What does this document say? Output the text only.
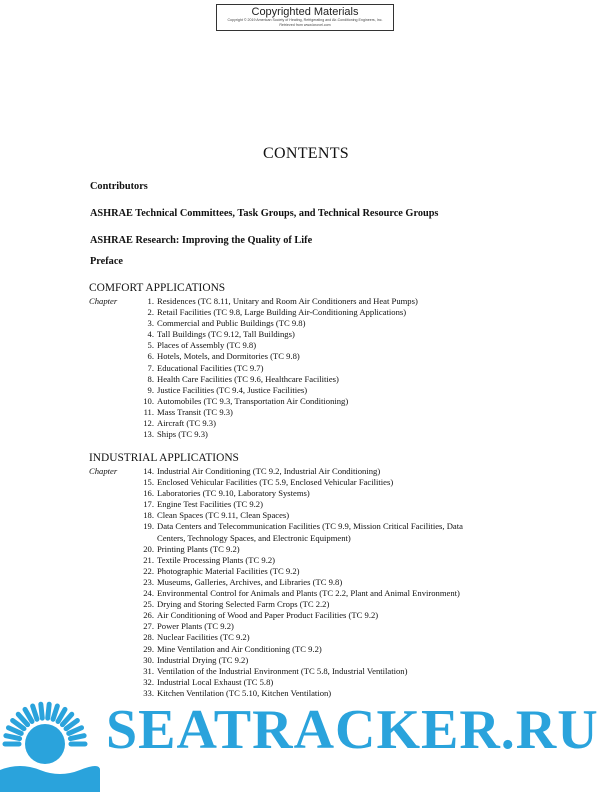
Copyrighted Materials
Copyright © 2019 American Society of Heating, Refrigerating and Air-Conditioning Engineers, Inc.
Retrieved from www.knovel.com
CONTENTS
Contributors
ASHRAE Technical Committees, Task Groups, and Technical Resource Groups
ASHRAE Research: Improving the Quality of Life
Preface
COMFORT APPLICATIONS
Chapter	1. Residences (TC 8.11, Unitary and Room Air Conditioners and Heat Pumps)
2. Retail Facilities (TC 9.8, Large Building Air-Conditioning Applications)
3. Commercial and Public Buildings (TC 9.8)
4. Tall Buildings (TC 9.12, Tall Buildings)
5. Places of Assembly (TC 9.8)
6. Hotels, Motels, and Dormitories (TC 9.8)
7. Educational Facilities (TC 9.7)
8. Health Care Facilities (TC 9.6, Healthcare Facilities)
9. Justice Facilities (TC 9.4, Justice Facilities)
10. Automobiles (TC 9.3, Transportation Air Conditioning)
11. Mass Transit (TC 9.3)
12. Aircraft (TC 9.3)
13. Ships (TC 9.3)
INDUSTRIAL APPLICATIONS
Chapter	14. Industrial Air Conditioning (TC 9.2, Industrial Air Conditioning)
15. Enclosed Vehicular Facilities (TC 5.9, Enclosed Vehicular Facilities)
16. Laboratories (TC 9.10, Laboratory Systems)
17. Engine Test Facilities (TC 9.2)
18. Clean Spaces (TC 9.11, Clean Spaces)
19. Data Centers and Telecommunication Facilities (TC 9.9, Mission Critical Facilities, Data
Centers, Technology Spaces, and Electronic Equipment)
20. Printing Plants (TC 9.2)
21. Textile Processing Plants (TC 9.2)
22. Photographic Material Facilities (TC 9.2)
23. Museums, Galleries, Archives, and Libraries (TC 9.8)
24. Environmental Control for Animals and Plants (TC 2.2, Plant and Animal Environment)
25. Drying and Storing Selected Farm Crops (TC 2.2)
26. Air Conditioning of Wood and Paper Product Facilities (TC 9.2)
27. Power Plants (TC 9.2)
28. Nuclear Facilities (TC 9.2)
29. Mine Ventilation and Air Conditioning (TC 9.2)
30. Industrial Drying (TC 9.2)
31. Ventilation of the Industrial Environment (TC 5.8, Industrial Ventilation)
32. Industrial Local Exhaust (TC 5.8)
33. Kitchen Ventilation (TC 5.10, Kitchen Ventilation)
SEATRACKER.RU
